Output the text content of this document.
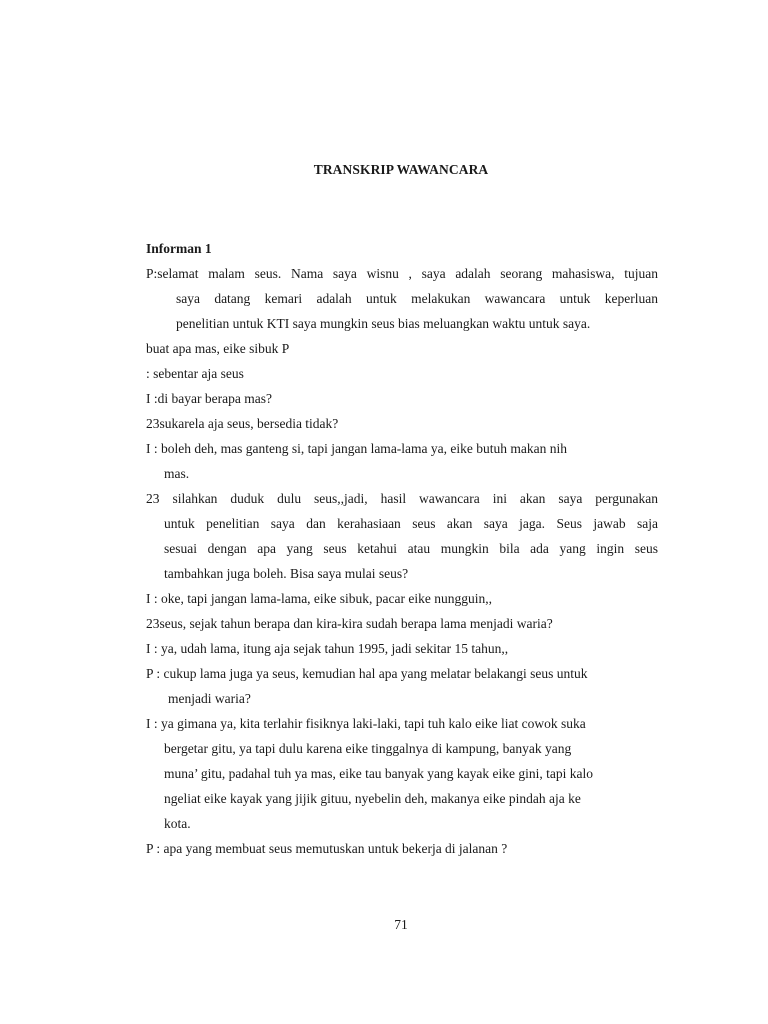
TRANSKRIP WAWANCARA
Informan 1
P:selamat malam seus. Nama saya wisnu , saya adalah seorang mahasiswa, tujuan
saya datang kemari adalah untuk melakukan wawancara untuk keperluan
penelitian untuk KTI saya mungkin seus bias meluangkan waktu untuk saya.
buat apa mas, eike sibuk P
: sebentar aja seus
I :di bayar berapa mas?
23sukarela aja seus, bersedia tidak?
I : boleh deh, mas ganteng si, tapi jangan lama-lama ya, eike butuh makan nih
mas.
23 silahkan duduk dulu seus,,jadi, hasil wawancara ini akan saya pergunakan
untuk penelitian saya dan kerahasiaan seus akan saya jaga. Seus jawab saja
sesuai dengan apa yang seus ketahui atau mungkin bila ada yang ingin seus
tambahkan juga boleh. Bisa saya mulai seus?
I : oke, tapi jangan lama-lama, eike sibuk, pacar eike nungguin,,
23seus, sejak tahun berapa dan kira-kira sudah berapa lama menjadi waria?
I : ya, udah lama, itung aja sejak tahun 1995, jadi sekitar 15 tahun,,
P : cukup lama juga ya seus, kemudian hal apa yang melatar belakangi seus untuk
menjadi waria?
I : ya gimana ya, kita terlahir fisiknya laki-laki, tapi tuh kalo eike liat cowok suka
bergetar gitu, ya tapi dulu karena eike tinggalnya di kampung, banyak yang
muna’ gitu, padahal tuh ya mas, eike tau banyak yang kayak eike gini, tapi kalo
ngeliat eike kayak yang jijik gituu, nyebelin deh, makanya eike pindah aja ke
kota.
P : apa yang membuat seus memutuskan untuk bekerja di jalanan ?
71
